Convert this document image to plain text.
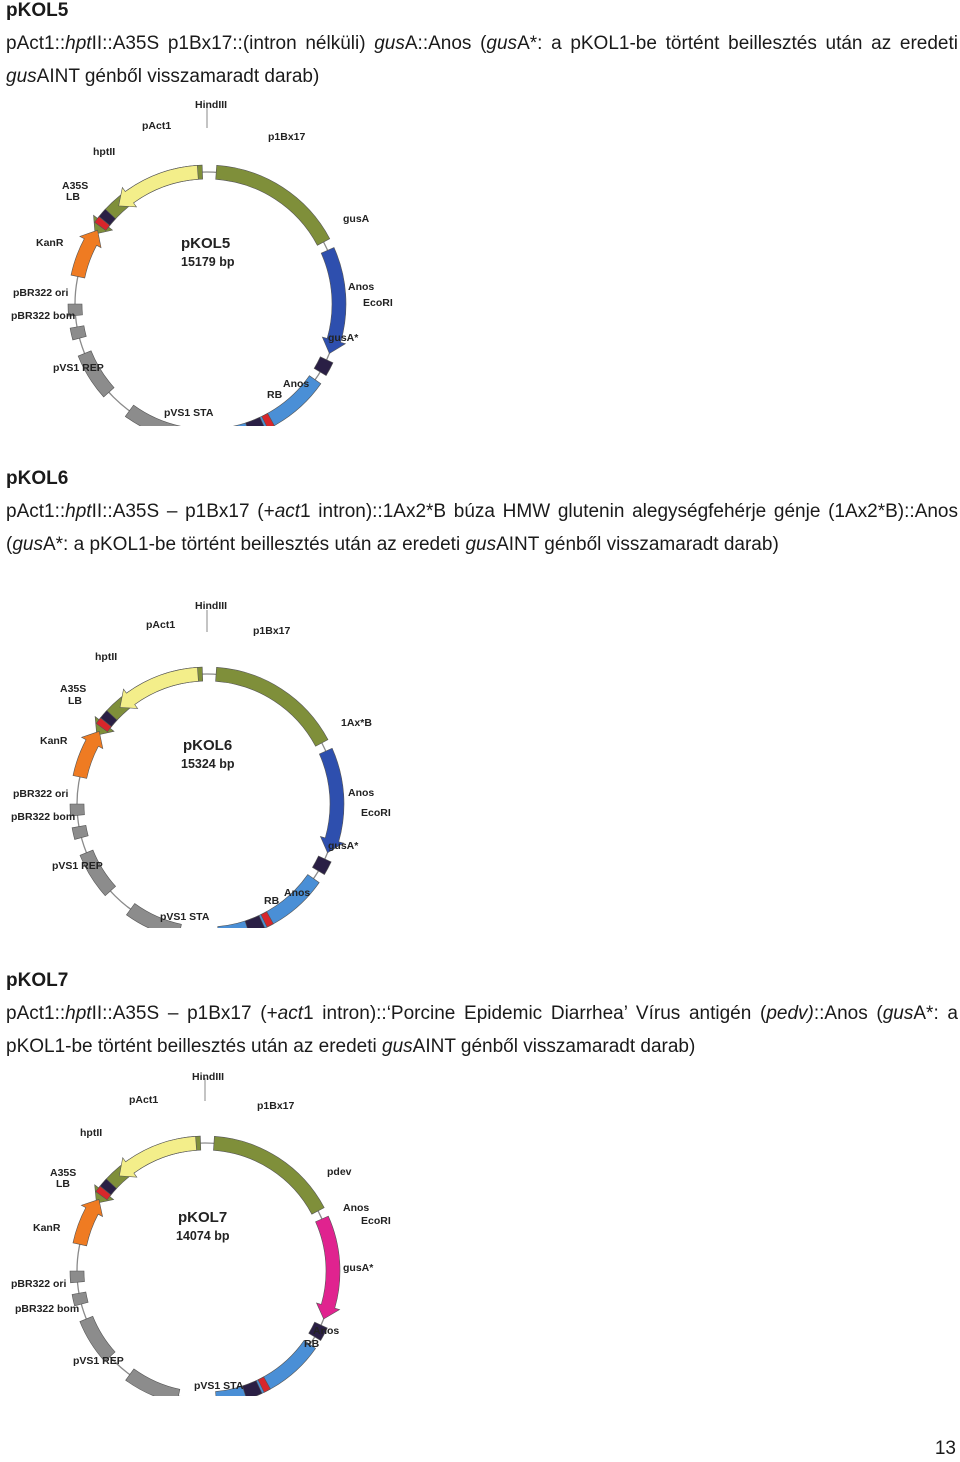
pKOL5

pAct1::hptII::A35S p1Bx17::(intron nélküli) gusA::Anos (gusA*: a pKOL1-be történt beillesztés után az eredeti gusAINT génből visszamaradt darab)

pKOL5
15179 bp
HindIII
pAct1
p1Bx17
hptII
A35S
LB
gusA
KanR
Anos
EcoRI
pBR322 ori
pBR322 bom
gusA*
pVS1 REP
Anos
RB
pVS1 STA
pKOL6

pAct1::hptII::A35S – p1Bx17 (+act1 intron)::1Ax2*B búza HMW glutenin alegységfehérje génje (1Ax2*B)::Anos (gusA*: a pKOL1-be történt beillesztés után az eredeti gusAINT génből visszamaradt darab)

pKOL6
15324 bp
HindIII
pAct1	p1Bx17
hptII
A35S
LB
1Ax*B
KanR
Anos
EcoRI
pBR322 ori
pBR322 bom
gusA*
pVS1 REP
Anos
RB
pVS1 STA
pKOL7

pAct1::hptII::A35S – p1Bx17 (+act1 intron)::‘Porcine Epidemic Diarrhea’ Vírus antigén (pedv)::Anos (gusA*: a pKOL1-be történt beillesztés után az eredeti gusAINT génből visszamaradt darab)

pKOL7
14074 bp
HindIII
pAct1	p1Bx17
hptII
A35S
LB
pdev
KanR
Anos
EcoRI
pBR322 ori
pBR322 bom
gusA*
pVS1 REP
Anos
RB
pVS1 STA

13
